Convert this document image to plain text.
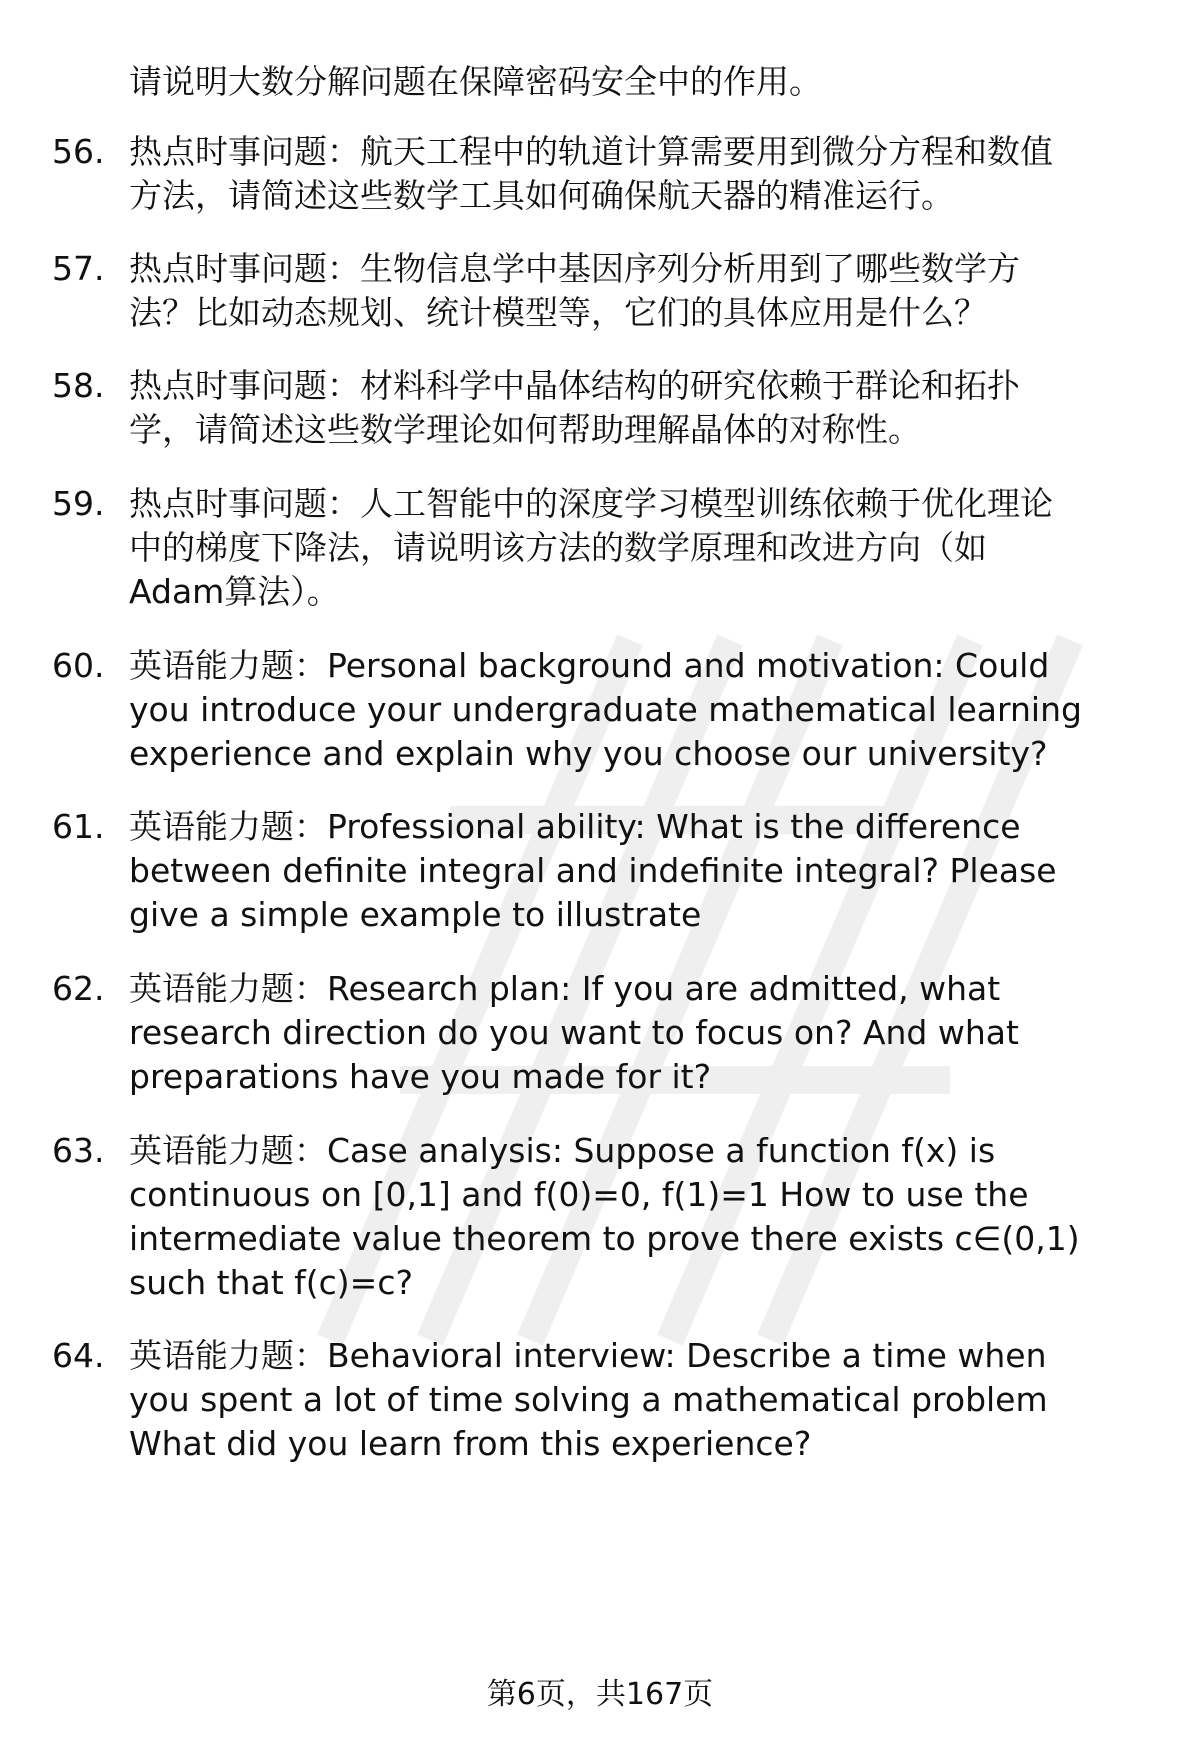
请说明大数分解问题在保障密码安全中的作用。
56. 热点时事问题：航天工程中的轨道计算需要用到微分方程和数值
方法，请简述这些数学工具如何确保航天器的精准运行。
57. 热点时事问题：生物信息学中基因序列分析用到了哪些数学方
法？比如动态规划、统计模型等，它们的具体应用是什么？
58. 热点时事问题：材料科学中晶体结构的研究依赖于群论和拓扑
学，请简述这些数学理论如何帮助理解晶体的对称性。
59. 热点时事问题：人工智能中的深度学习模型训练依赖于优化理论
中的梯度下降法，请说明该方法的数学原理和改进方向（如
Adam算法）。
60. 英语能力题：Personal background and motivation: Could
you introduce your undergraduate mathematical learning
experience and explain why you choose our university?
61. 英语能力题：Professional ability: What is the difference
between definite integral and indefinite integral? Please
give a simple example to illustrate
62. 英语能力题：Research plan: If you are admitted, what
research direction do you want to focus on? And what
preparations have you made for it?
63. 英语能力题：Case analysis: Suppose a function f(x) is
continuous on [0,1] and f(0)=0, f(1)=1 How to use the
intermediate value theorem to prove there exists c∈(0,1)
such that f(c)=c?
64. 英语能力题：Behavioral interview: Describe a time when
you spent a lot of time solving a mathematical problem
What did you learn from this experience?
第6页，共167页
